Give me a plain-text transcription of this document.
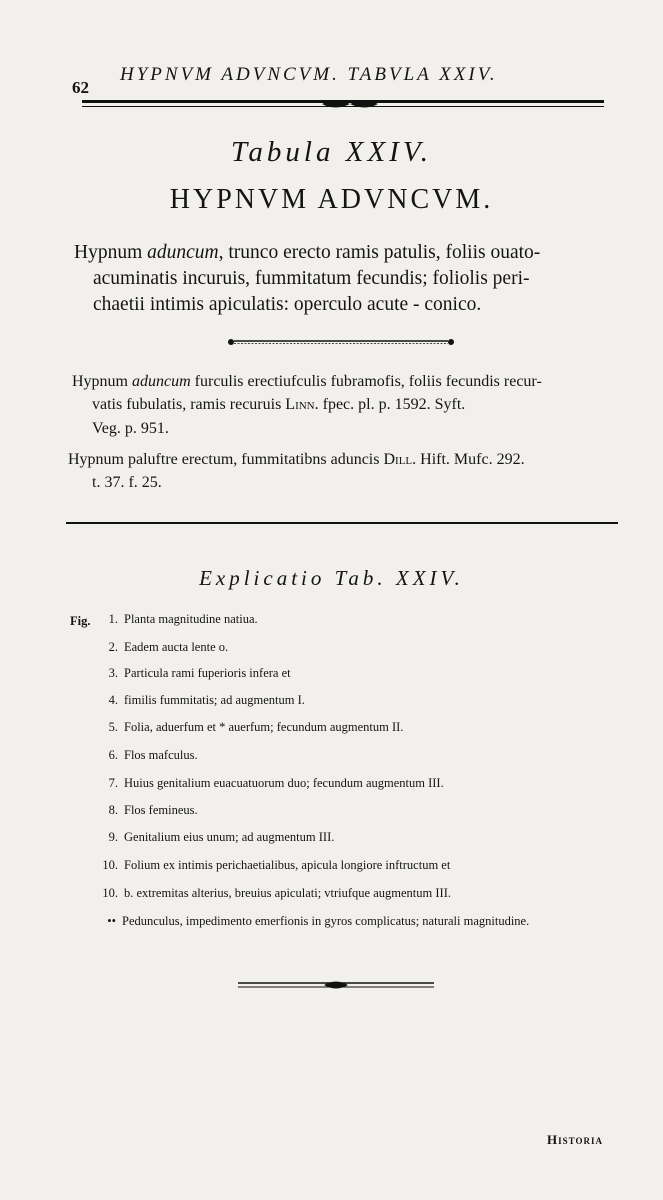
62
HYPNVM ADVNCVM. TABVLA XXIV.
Tabula XXIV.
HYPNVM ADVNCVM.
Hypnum aduncum, trunco erecto ramis patulis, foliis ouato-
acuminatis incuruis, fummitatum fecundis; foliolis peri-
chaetii intimis apiculatis: operculo acute - conico.
Hypnum aduncum furculis erectiufculis fubramofis, foliis fecundis recur-
vatis fubulatis, ramis recuruis Linn. fpec. pl. p. 1592. Syft.
Veg. p. 951.
Hypnum paluftre erectum, fummitatibns aduncis Dill. Hift. Mufc. 292.
t. 37. f. 25.
Explicatio Tab. XXIV.
Fig.	1. Planta magnitudine natiua.
2. Eadem aucta lente o.
3. Particula rami fuperioris infera et
4. fimilis fummitatis; ad augmentum I.
5. Folia, aduerfum et * auerfum; fecundum augmentum II.
6. Flos mafculus.
7. Huius genitalium euacuatuorum duo; fecundum augmentum III.
8. Flos femineus.
9. Genitalium eius unum; ad augmentum III.
10. Folium ex intimis perichaetialibus, apicula longiore inftructum et
10. b. extremitas alterius, breuius apiculati; vtriufque augmentum III.
•• Pedunculus, impedimento emerfionis in gyros complicatus; naturali magnitudine.
Historia
